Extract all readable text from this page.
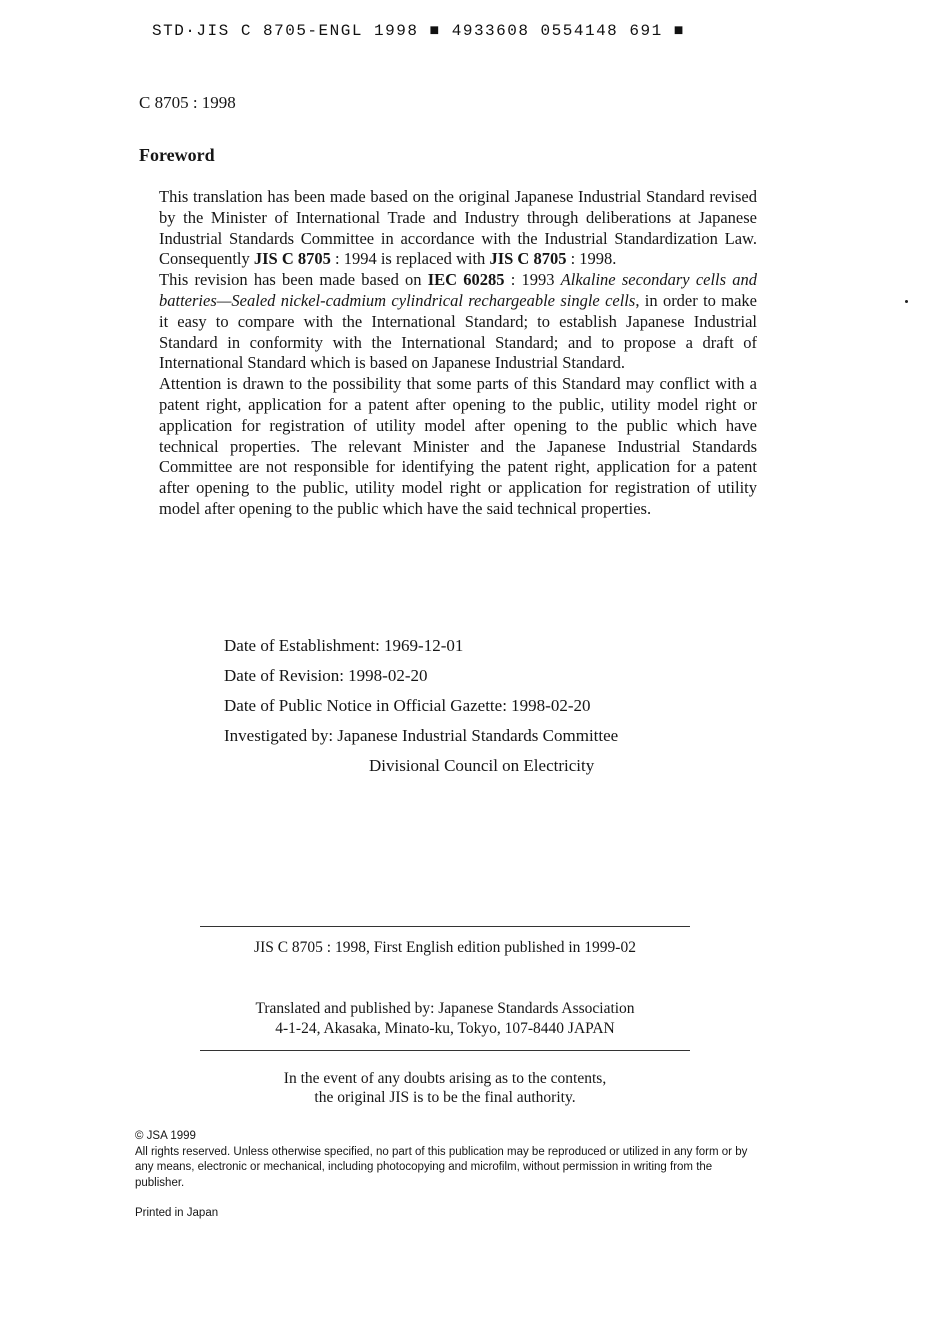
STD·JIS C 8705-ENGL 1998 ■ 4933608 0554148 691 ■
C 8705 : 1998
Foreword

This translation has been made based on the original Japanese Industrial Standard revised by the Minister of International Trade and Industry through deliberations at Japanese Industrial Standards Committee in accordance with the Industrial Standardization Law. Consequently JIS C 8705 : 1994 is replaced with JIS C 8705 : 1998.

This revision has been made based on IEC 60285 : 1993 Alkaline secondary cells and batteries—Sealed nickel-cadmium cylindrical rechargeable single cells, in order to make it easy to compare with the International Standard; to establish Japanese Industrial Standard in conformity with the International Standard; and to propose a draft of International Standard which is based on Japanese Industrial Standard.

Attention is drawn to the possibility that some parts of this Standard may conflict with a patent right, application for a patent after opening to the public, utility model right or application for registration of utility model after opening to the public which have technical properties. The relevant Minister and the Japanese Industrial Standards Committee are not responsible for identifying the patent right, application for a patent after opening to the public, utility model right or application for registration of utility model after opening to the public which have the said technical properties.

Date of Establishment: 1969-12-01
Date of Revision: 1998-02-20
Date of Public Notice in Official Gazette: 1998-02-20
Investigated by: Japanese Industrial Standards Committee
Divisional Council on Electricity
JIS C 8705 : 1998, First English edition published in 1999-02
Translated and published by: Japanese Standards Association
4-1-24, Akasaka, Minato-ku, Tokyo, 107-8440 JAPAN
In the event of any doubts arising as to the contents,
the original JIS is to be the final authority.
© JSA 1999
All rights reserved. Unless otherwise specified, no part of this publication may be reproduced or utilized in any form or by any means, electronic or mechanical, including photocopying and microfilm, without permission in writing from the publisher.
Printed in Japan
